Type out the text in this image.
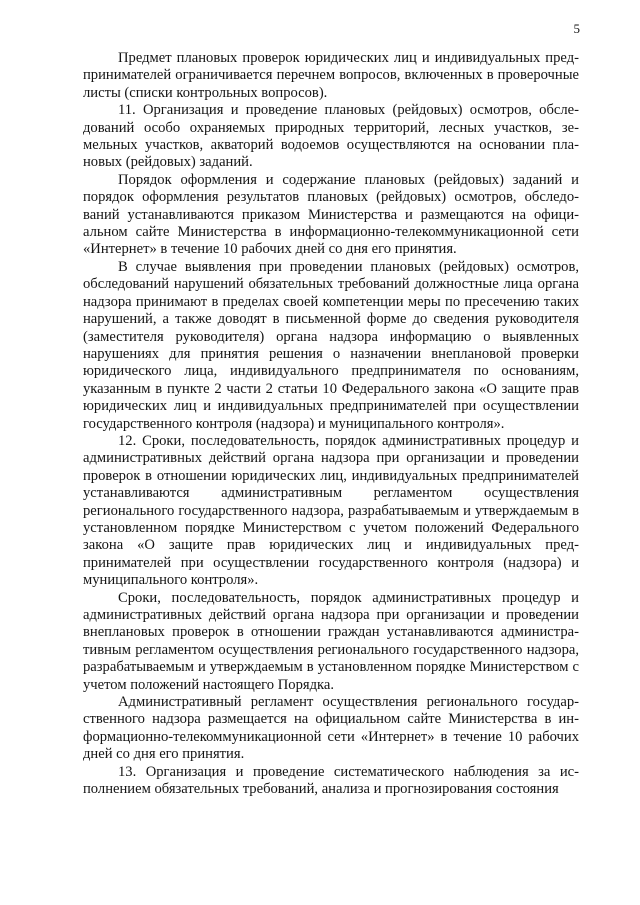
5

Предмет плановых проверок юридических лиц и индивидуальных предпринимателей ограничивается перечнем вопросов, включенных в проверочные листы (списки контрольных вопросов).

11. Организация и проведение плановых (рейдовых) осмотров, обследований особо охраняемых природных территорий, лесных участков, земельных участков, акваторий водоемов осуществляются на основании плановых (рейдовых) заданий.

Порядок оформления и содержание плановых (рейдовых) заданий и порядок оформления результатов плановых (рейдовых) осмотров, обследований устанавливаются приказом Министерства и размещаются на официальном сайте Министерства в информационно-телекоммуникационной сети «Интернет» в течение 10 рабочих дней со дня его принятия.

В случае выявления при проведении плановых (рейдовых) осмотров, обследований нарушений обязательных требований должностные лица органа надзора принимают в пределах своей компетенции меры по пресечению таких нарушений, а также доводят в письменной форме до сведения руководителя (заместителя руководителя) органа надзора информацию о выявленных нарушениях для принятия решения о назначении внеплановой проверки юридического лица, индивидуального предпринимателя по основаниям, указанным в пункте 2 части 2 статьи 10 Федерального закона «О защите прав юридических лиц и индивидуальных предпринимателей при осуществлении государственного контроля (надзора) и муниципального контроля».

12. Сроки, последовательность, порядок административных процедур и административных действий органа надзора при организации и проведении проверок в отношении юридических лиц, индивидуальных предпринимателей устанавливаются административным регламентом осуществления регионального государственного надзора, разрабатываемым и утверждаемым в установленном порядке Министерством с учетом положений Федерального закона «О защите прав юридических лиц и индивидуальных предпринимателей при осуществлении государственного контроля (надзора) и муниципального контроля».

Сроки, последовательность, порядок административных процедур и административных действий органа надзора при организации и проведении внеплановых проверок в отношении граждан устанавливаются административным регламентом осуществления регионального государственного надзора, разрабатываемым и утверждаемым в установленном порядке Министерством с учетом положений настоящего Порядка.

Административный регламент осуществления регионального государственного надзора размещается на официальном сайте Министерства в информационно-телекоммуникационной сети «Интернет» в течение 10 рабочих дней со дня его принятия.

13. Организация и проведение систематического наблюдения за исполнением обязательных требований, анализа и прогнозирования состояния
